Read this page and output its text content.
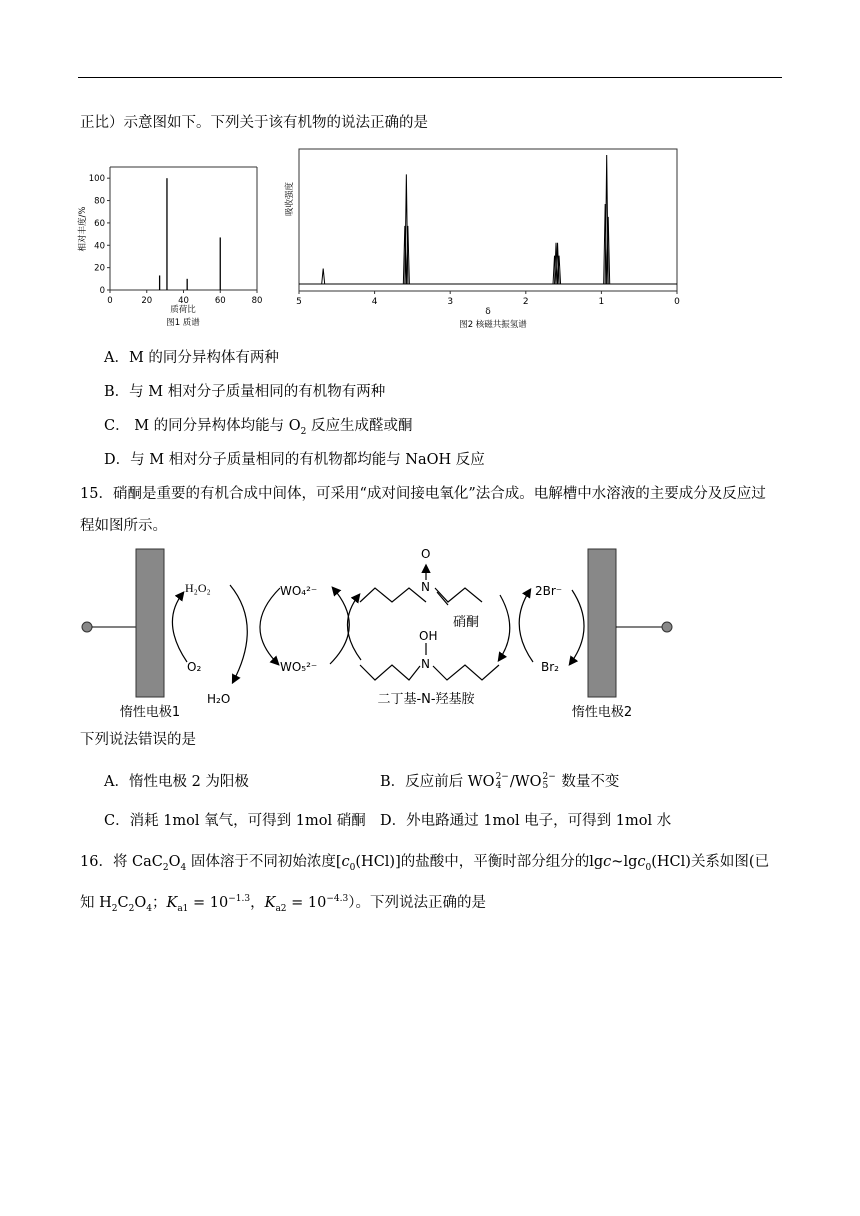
正比）示意图如下。下列关于该有机物的说法正确的是
0
20
40
60
80
100
0	20	40	60	80
相对丰度/%
质荷比
图1 质谱
5	4	3	2	1	0
吸收强度
δ
图2 核磁共振氢谱
A．M 的同分异构体有两种
B．与 M 相对分子质量相同的有机物有两种
C． M 的同分异构体均能与 $O_2$ 反应生成醛或酮
D．与 M 相对分子质量相同的有机物都均能与 NaOH 反应
15．硝酮是重要的有机合成中间体，可采用“成对间接电氧化”法合成。电解槽中水溶液的主要成分及反应过
程如图所示。
惰性电极1	惰性电极2
H₂O₂
O₂
H₂O
WO₄²⁻
WO₅²⁻
N
O
硝酮
OH
N
二丁基-N-羟基胺
2Br⁻
Br₂
下列说法错误的是
A．惰性电极 2 为阳极	B．反应前后 WO2−
4 /WO2−
5 数量不变
C．消耗 1mol 氧气，可得到 1mol 硝酮 D．外电路通过 1mol 电子，可得到 1mol 水
16．将 $CaC_2O_4$ 固体溶于不同初始浓度$[c_0(HCl)]$的盐酸中，平衡时部分组分的lgc~lgc$_0$(HCl)关系如图(已
知 $H_2C_2O_4$；$K_{a1} = 10^{-1.3}$，$K_{a2} = 10^{-4.3}$）。下列说法正确的是
